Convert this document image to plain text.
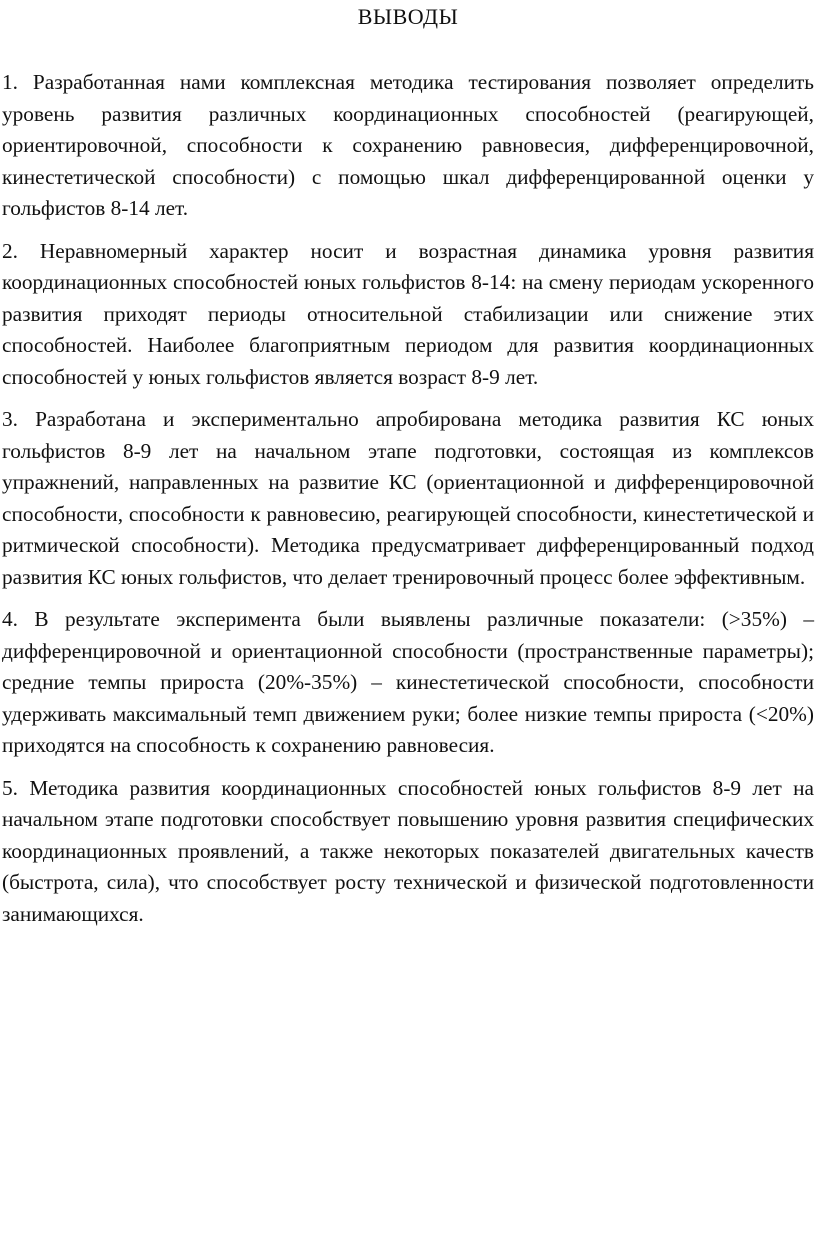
ВЫВОДЫ

1. Разработанная нами комплексная методика тестирования позволяет определить уровень развития различных координационных способностей (реагирующей, ориентировочной, способности к сохранению равновесия, дифференцировочной, кинестетической способности) с помощью шкал дифференцированной оценки у гольфистов 8-14 лет.

2. Неравномерный характер носит и возрастная динамика уровня развития координационных способностей юных гольфистов 8-14: на смену периодам ускоренного развития приходят периоды относительной стабилизации или снижение этих способностей. Наиболее благоприятным периодом для развития координационных способностей у юных гольфистов является возраст 8-9 лет.

3. Разработана и экспериментально апробирована методика развития КС юных гольфистов 8-9 лет на начальном этапе подготовки, состоящая из комплексов упражнений, направленных на развитие КС (ориентационной и дифференцировочной способности, способности к равновесию, реагирующей способности, кинестетической и ритмической способности). Методика предусматривает дифференцированный подход развития КС юных гольфистов, что делает тренировочный процесс более эффективным.

4. В результате эксперимента были выявлены различные показатели: (>35%) – дифференцировочной и ориентационной способности (пространственные параметры); средние темпы прироста (20%-35%) – кинестетической способности, способности удерживать максимальный темп движением руки; более низкие темпы прироста (<20%) приходятся на способность к сохранению равновесия.

5. Методика развития координационных способностей юных гольфистов 8-9 лет на начальном этапе подготовки способствует повышению уровня развития специфических координационных проявлений, а также некоторых показателей двигательных качеств (быстрота, сила), что способствует росту технической и физической подготовленности занимающихся.
